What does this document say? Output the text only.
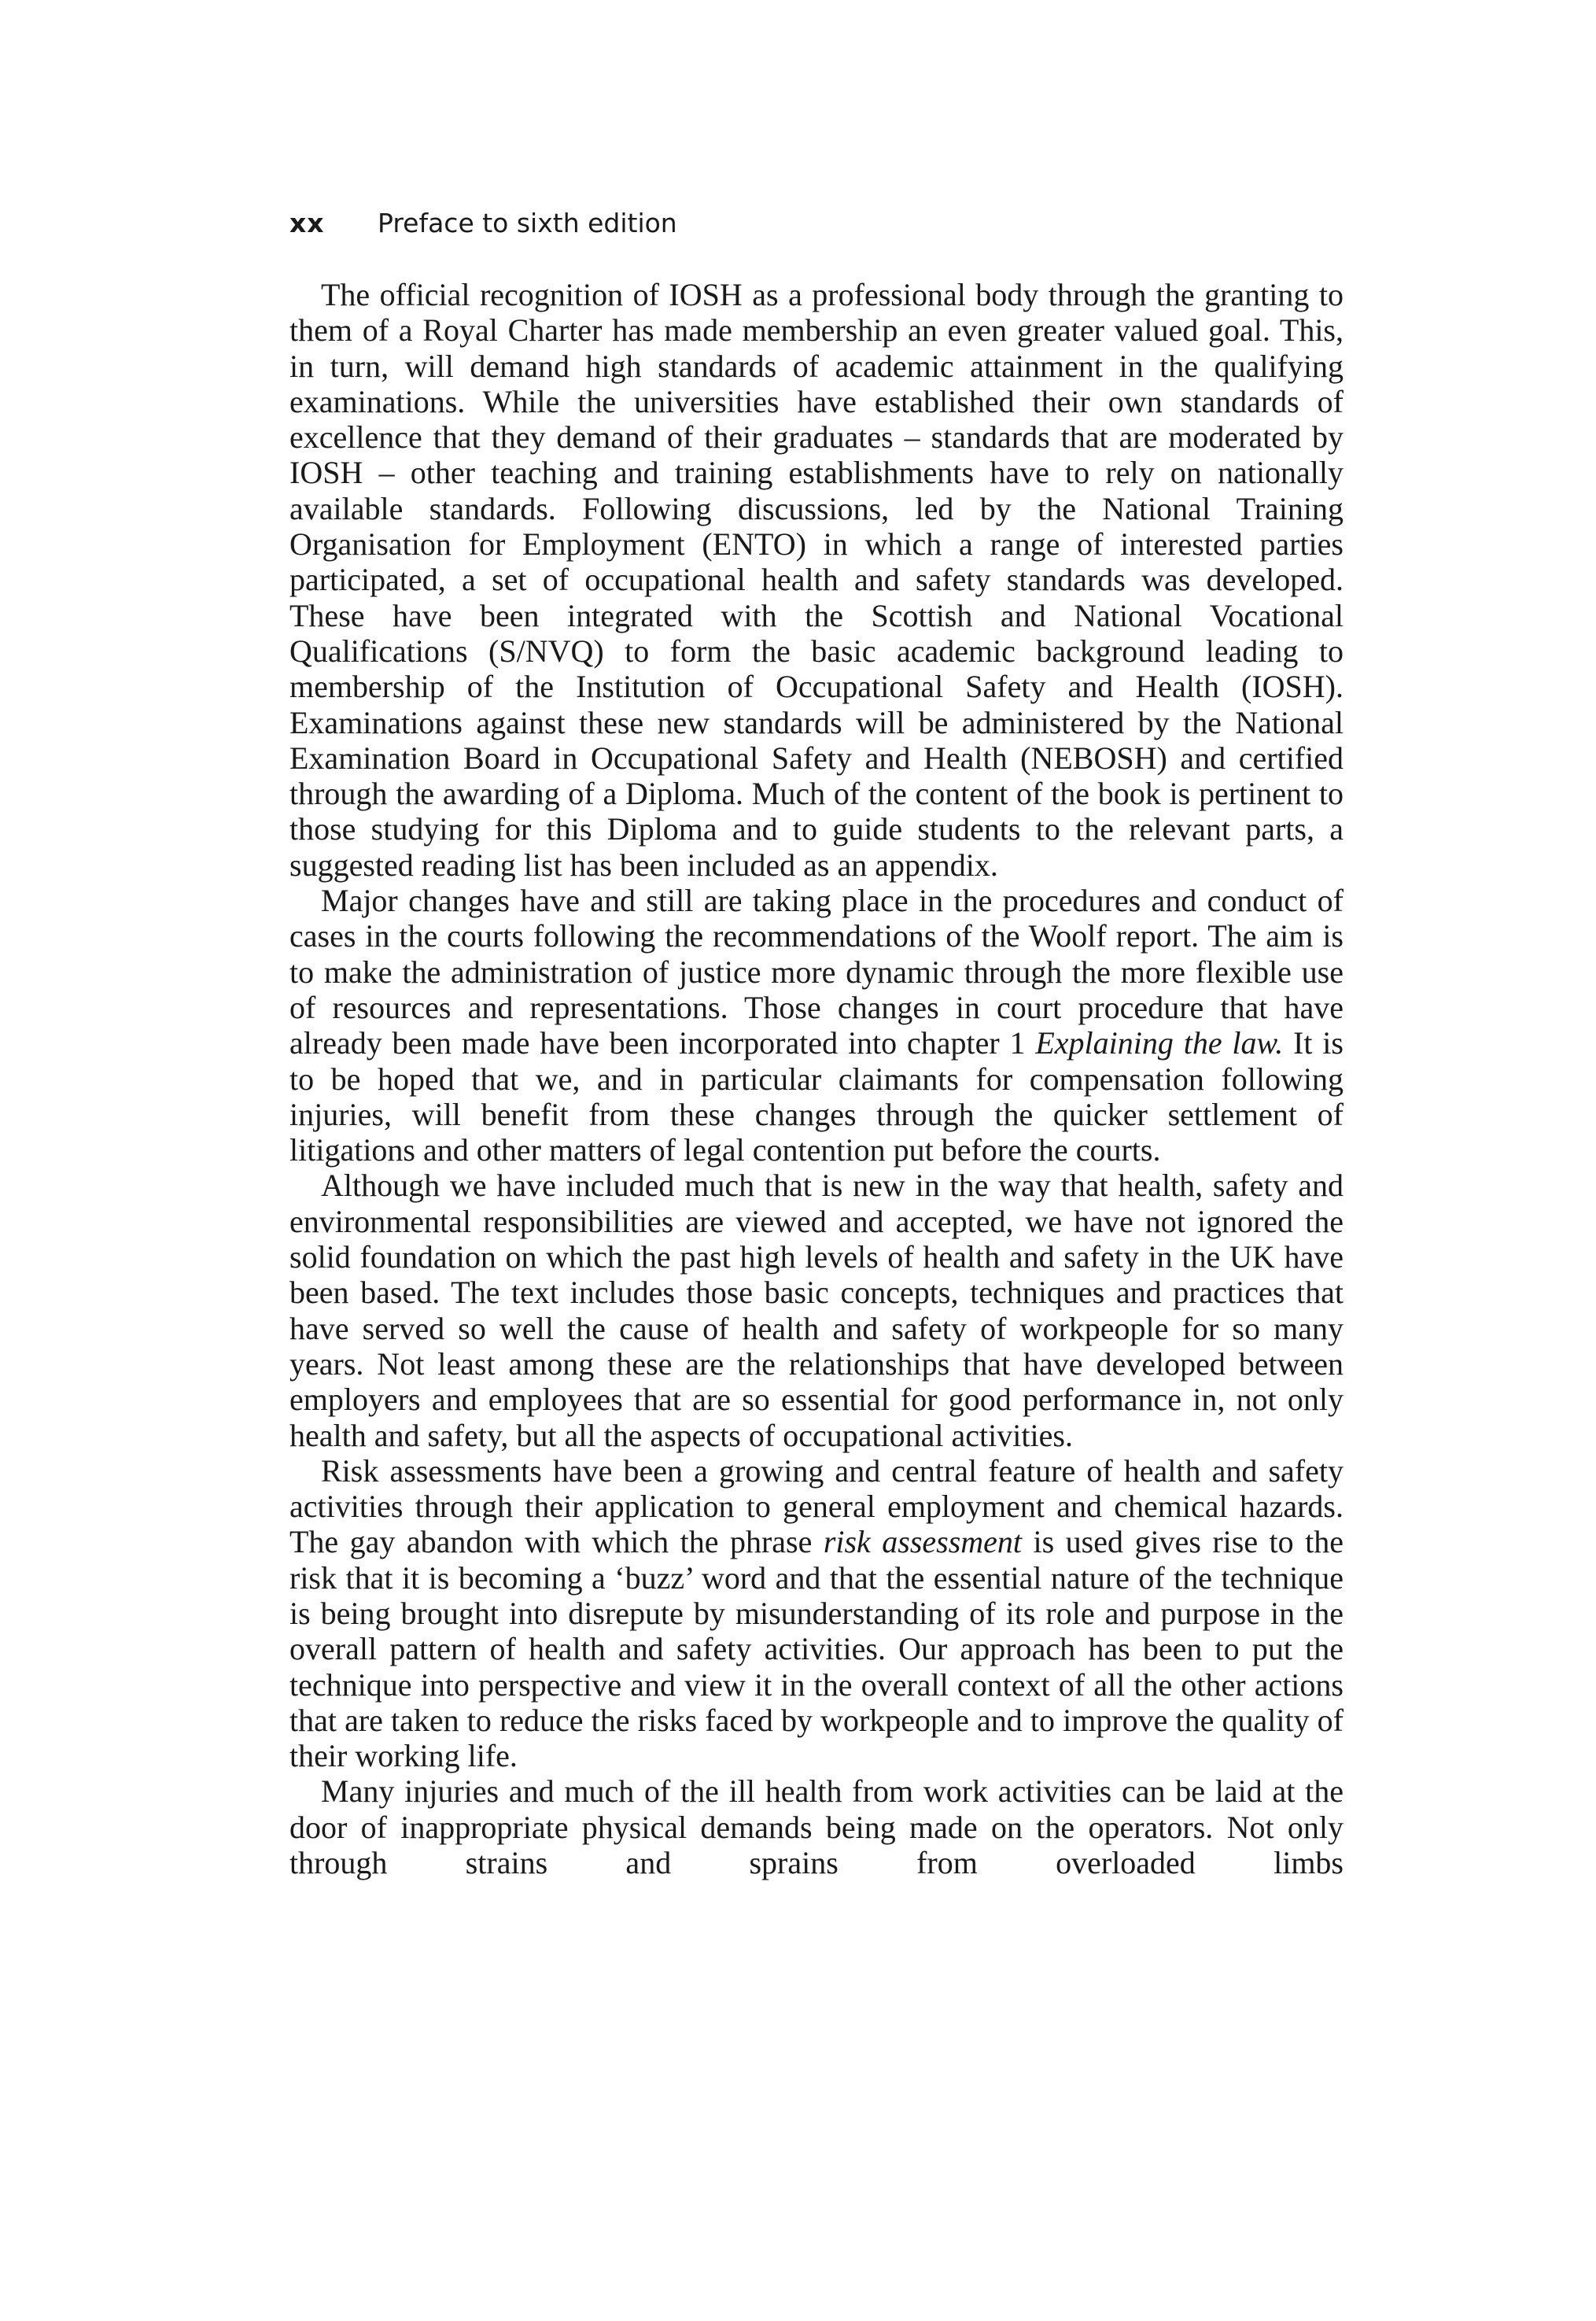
xx Preface to sixth edition

The official recognition of IOSH as a professional body through the granting to them of a Royal Charter has made membership an even greater valued goal. This, in turn, will demand high standards of academic attainment in the qualifying examinations. While the universities have established their own standards of excellence that they demand of their graduates – standards that are moderated by IOSH – other teaching and training establishments have to rely on nationally available standards. Following discussions, led by the National Training Organisation for Employment (ENTO) in which a range of interested parties participated, a set of occupational health and safety standards was developed. These have been integrated with the Scottish and National Vocational Qualifications (S/NVQ) to form the basic academic background leading to membership of the Institution of Occupational Safety and Health (IOSH). Examinations against these new standards will be administered by the National Examination Board in Occupational Safety and Health (NEBOSH) and certified through the awarding of a Diploma. Much of the content of the book is pertinent to those studying for this Diploma and to guide students to the relevant parts, a suggested reading list has been included as an appendix.

Major changes have and still are taking place in the procedures and conduct of cases in the courts following the recommendations of the Woolf report. The aim is to make the administration of justice more dynamic through the more flexible use of resources and representations. Those changes in court procedure that have already been made have been incorporated into chapter 1 Explaining the law. It is to be hoped that we, and in particular claimants for compensation following injuries, will benefit from these changes through the quicker settlement of litigations and other matters of legal contention put before the courts.

Although we have included much that is new in the way that health, safety and environmental responsibilities are viewed and accepted, we have not ignored the solid foundation on which the past high levels of health and safety in the UK have been based. The text includes those basic concepts, techniques and practices that have served so well the cause of health and safety of workpeople for so many years. Not least among these are the relationships that have developed between employers and employees that are so essential for good performance in, not only health and safety, but all the aspects of occupational activities.

Risk assessments have been a growing and central feature of health and safety activities through their application to general employment and chemical hazards. The gay abandon with which the phrase risk assessment is used gives rise to the risk that it is becoming a ‘buzz’ word and that the essential nature of the technique is being brought into disrepute by misunderstanding of its role and purpose in the overall pattern of health and safety activities. Our approach has been to put the technique into perspective and view it in the overall context of all the other actions that are taken to reduce the risks faced by workpeople and to improve the quality of their working life.

Many injuries and much of the ill health from work activities can be laid at the door of inappropriate physical demands being made on the operators. Not only through strains and sprains from overloaded limbs
